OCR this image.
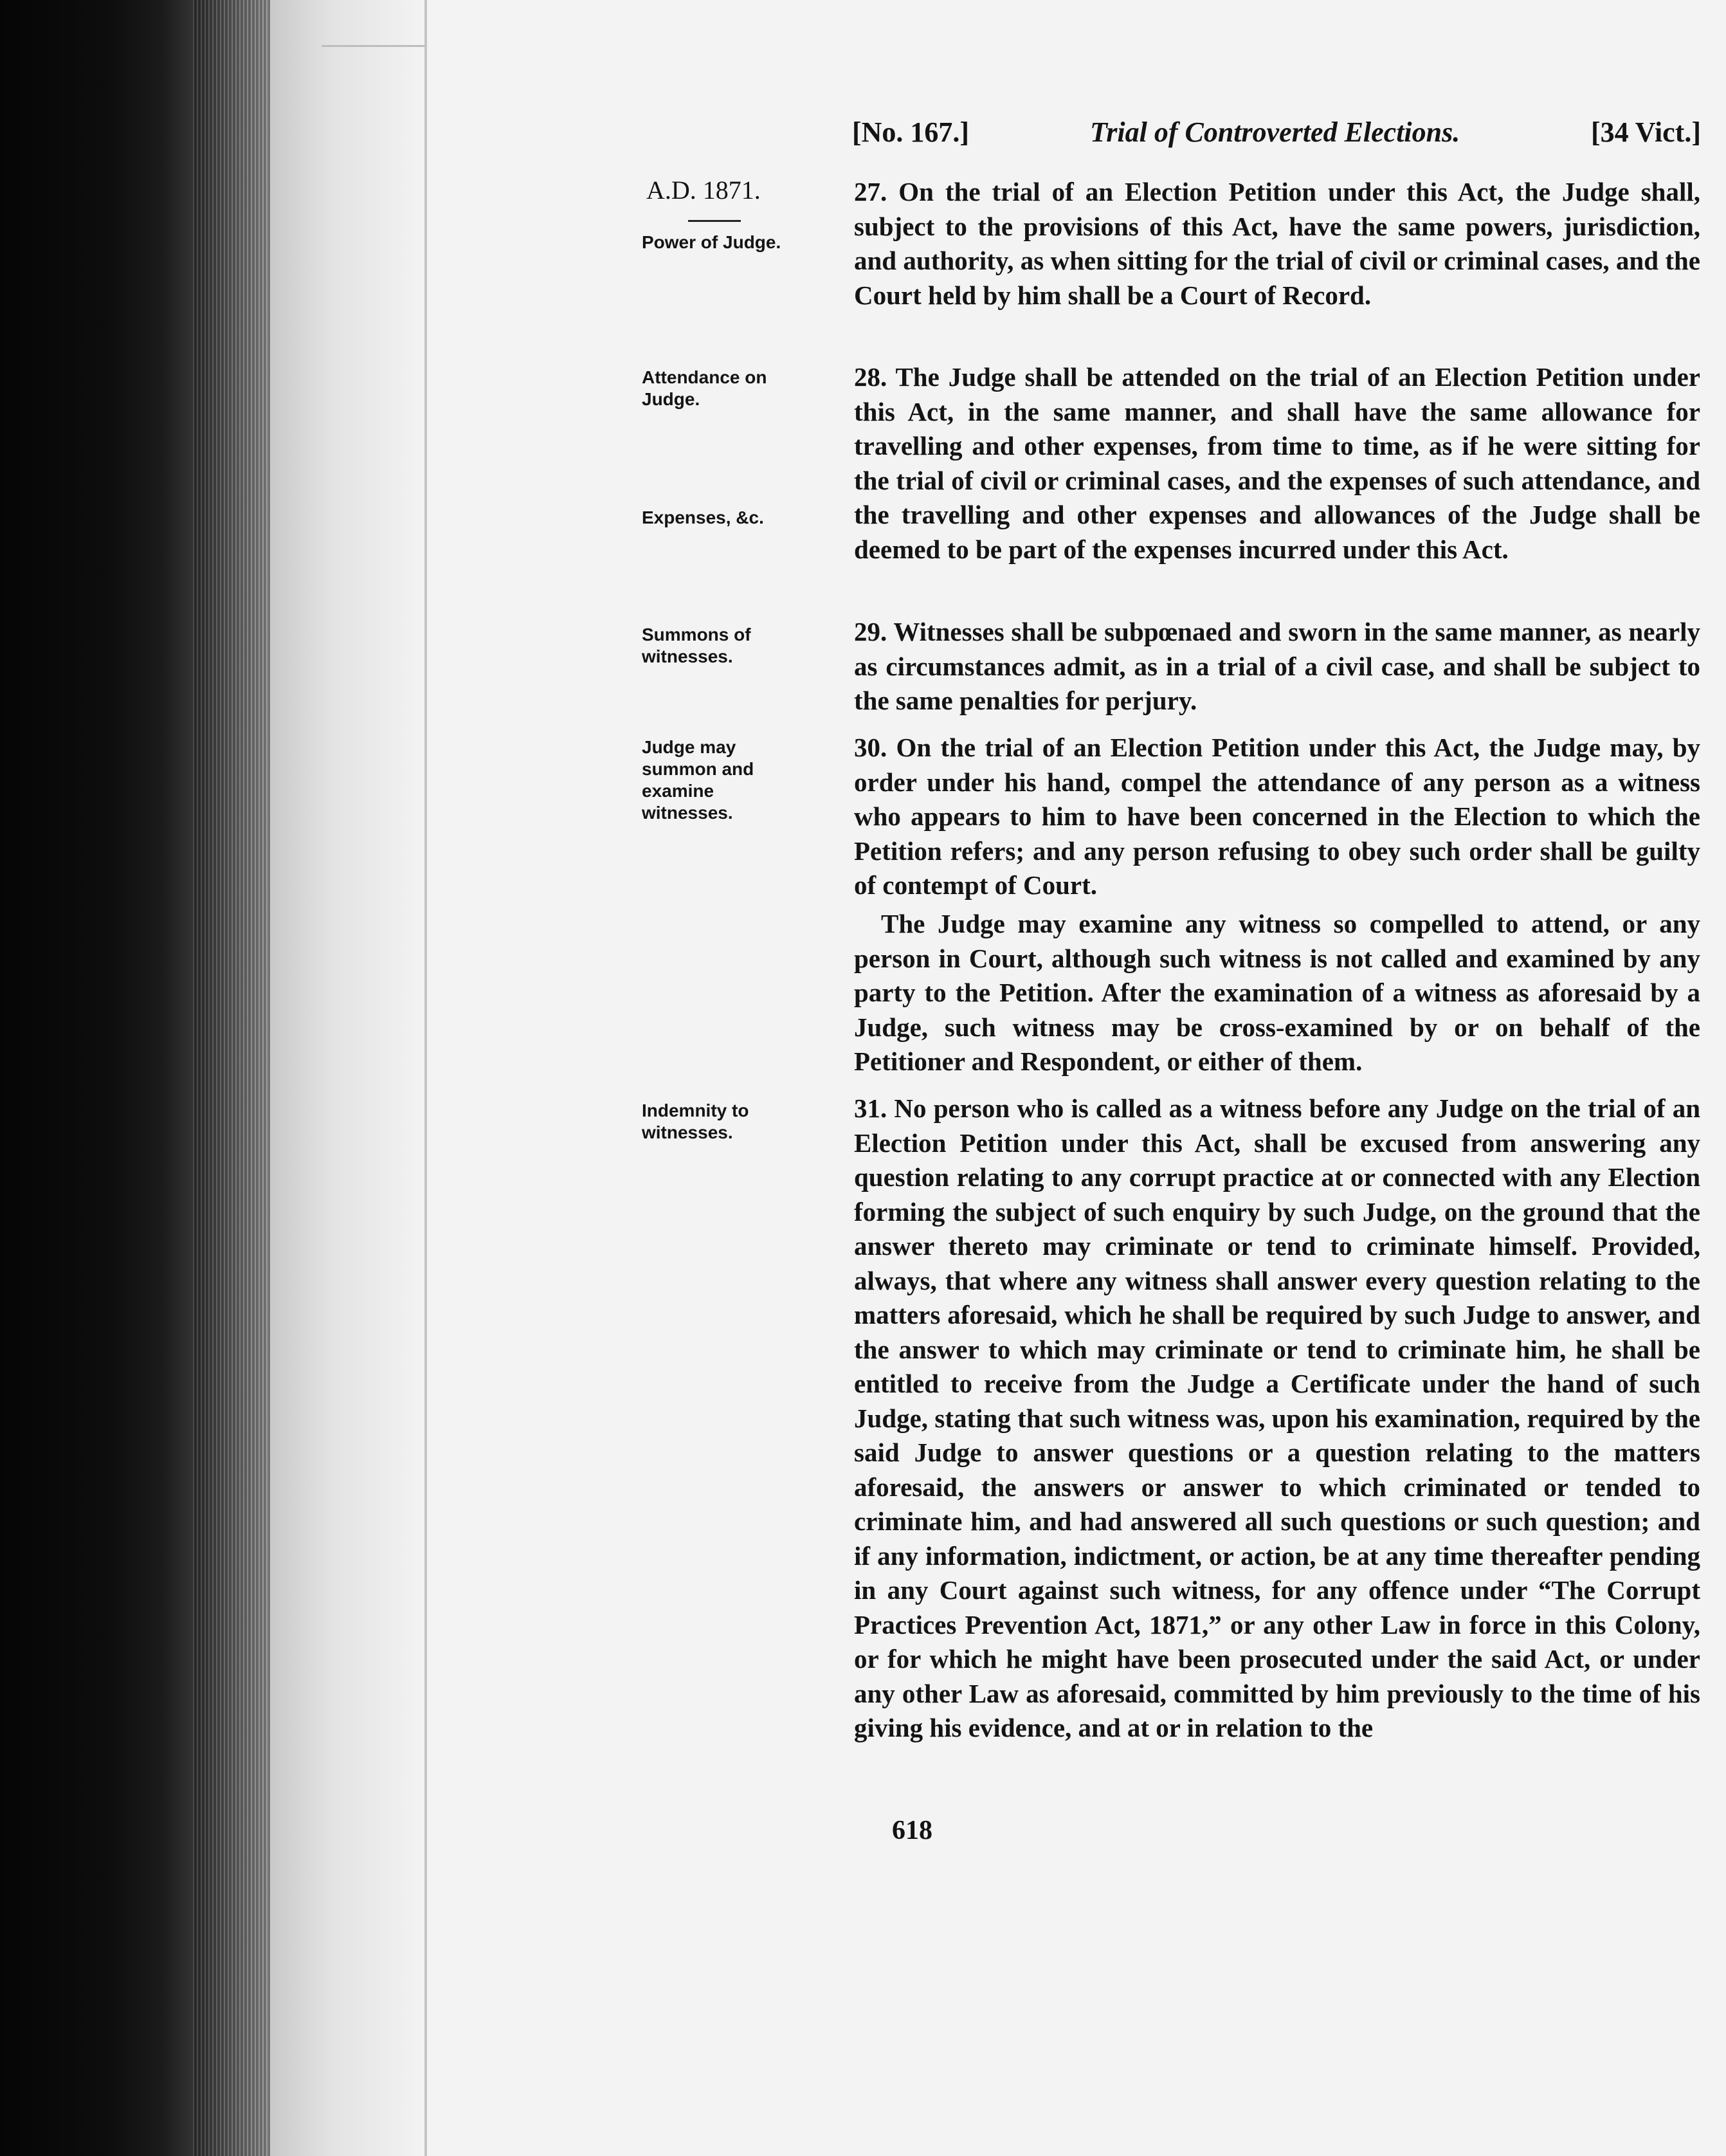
[No. 167.]	Trial of Controverted Elections.	[34 Vict.]
A.D. 1871.
Power of Judge.
Attendance on Judge.
Expenses, &c.
Summons of witnesses.
Judge may summon and examine witnesses.
Indemnity to witnesses.
27. On the trial of an Election Petition under this Act, the Judge shall, subject to the provisions of this Act, have the same powers, jurisdiction, and authority, as when sitting for the trial of civil or criminal cases, and the Court held by him shall be a Court of Record.
28. The Judge shall be attended on the trial of an Election Petition under this Act, in the same manner, and shall have the same allowance for travelling and other expenses, from time to time, as if he were sitting for the trial of civil or criminal cases, and the expenses of such attendance, and the travelling and other expenses and allowances of the Judge shall be deemed to be part of the expenses incurred under this Act.
29. Witnesses shall be subpœnaed and sworn in the same manner, as nearly as circumstances admit, as in a trial of a civil case, and shall be subject to the same penalties for perjury.
30. On the trial of an Election Petition under this Act, the Judge may, by order under his hand, compel the attendance of any person as a witness who appears to him to have been concerned in the Election to which the Petition refers; and any person refusing to obey such order shall be guilty of contempt of Court.
The Judge may examine any witness so compelled to attend, or any person in Court, although such witness is not called and examined by any party to the Petition. After the examination of a witness as aforesaid by a Judge, such witness may be cross-examined by or on behalf of the Petitioner and Respondent, or either of them.
31. No person who is called as a witness before any Judge on the trial of an Election Petition under this Act, shall be excused from answering any question relating to any corrupt practice at or connected with any Election forming the subject of such enquiry by such Judge, on the ground that the answer thereto may criminate or tend to criminate himself. Provided, always, that where any witness shall answer every question relating to the matters aforesaid, which he shall be required by such Judge to answer, and the answer to which may criminate or tend to criminate him, he shall be entitled to receive from the Judge a Certificate under the hand of such Judge, stating that such witness was, upon his examination, required by the said Judge to answer questions or a question relating to the matters aforesaid, the answers or answer to which criminated or tended to criminate him, and had answered all such questions or such question; and if any information, indictment, or action, be at any time thereafter pending in any Court against such witness, for any offence under “The Corrupt Practices Prevention Act, 1871,” or any other Law in force in this Colony, or for which he might have been prosecuted under the said Act, or under any other Law as aforesaid, committed by him previously to the time of his giving his evidence, and at or in relation to the
618
